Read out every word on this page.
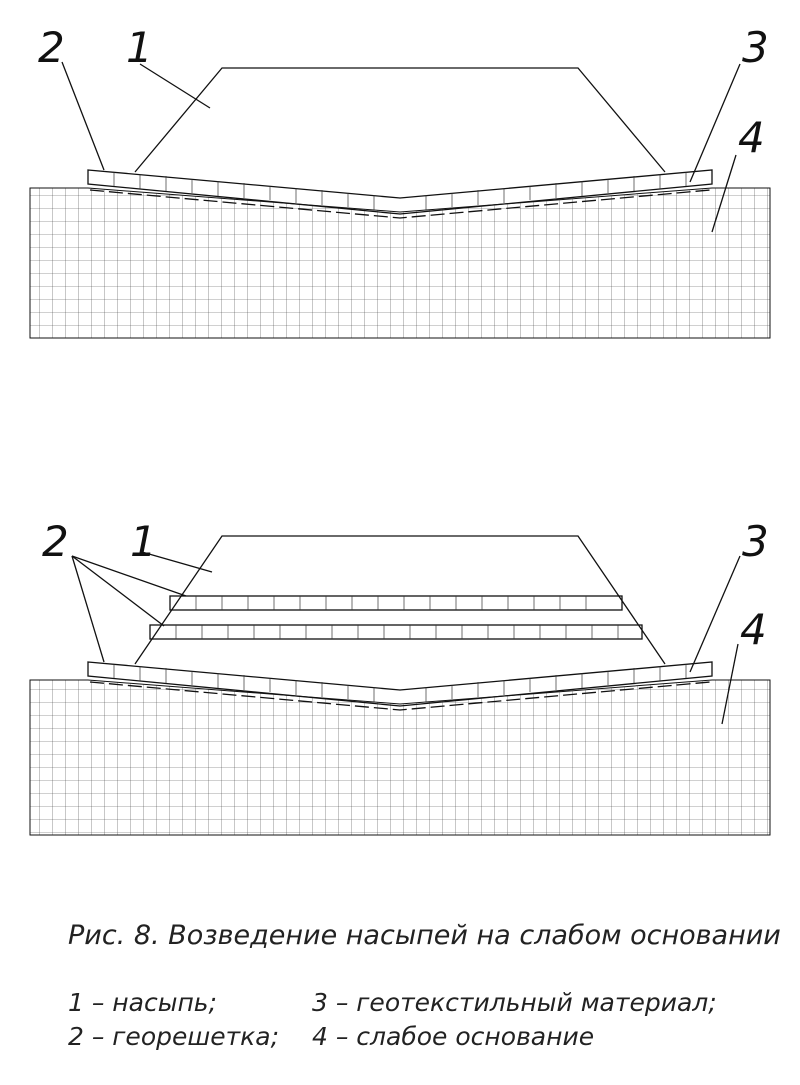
2 1	3
4
2 1	3
4
Рис. 8. Возведение насыпей на слабом основании
1 – насыпь;	3 – геотекстильный материал;
2 – георешетка; 4 – слабое основание
